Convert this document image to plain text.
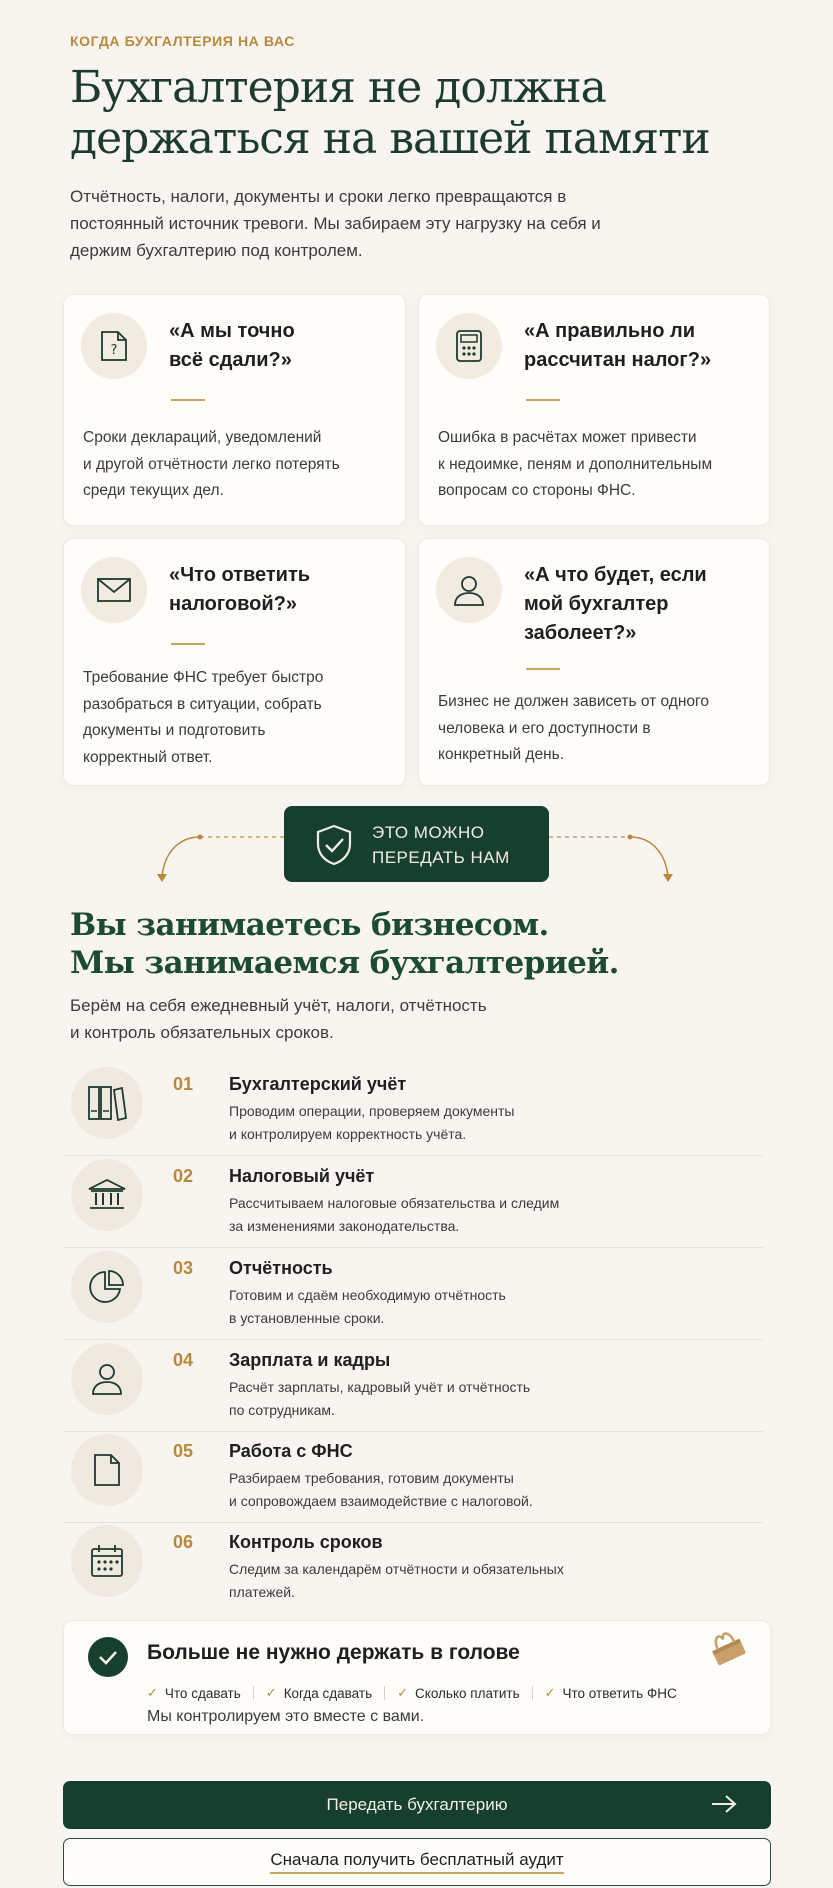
КОГДА БУХГАЛТЕРИЯ НА ВАС
Бухгалтерия не должна держаться на вашей памяти

Отчётность, налоги, документы и сроки легко превращаются в постоянный источник тревоги. Мы забираем эту нагрузку на себя и держим бухгалтерию под контролем.

?
«А мы точно
всё сдали?»
Сроки деклараций, уведомлений
и другой отчётности легко потерять
среди текущих дел.
«А правильно ли
рассчитан налог?»
Ошибка в расчётах может привести
к недоимке, пеням и дополнительным
вопросам со стороны ФНС.
«Что ответить
налоговой?»
Требование ФНС требует быстро
разобраться в ситуации, собрать
документы и подготовить
корректный ответ.
«А что будет, если
мой бухгалтер
заболеет?»
Бизнес не должен зависеть от одного
человека и его доступности в
конкретный день.
ЭТО МОЖНО
ПЕРЕДАТЬ НАМ
Вы занимаетесь бизнесом.
Мы занимаемся бухгалтерией.

Берём на себя ежедневный учёт, налоги, отчётность
и контроль обязательных сроков.

01 Бухгалтерский учёт
Проводим операции, проверяем документы
и контролируем корректность учёта.
02 Налоговый учёт
Рассчитываем налоговые обязательства и следим
за изменениями законодательства.
03 Отчётность
Готовим и сдаём необходимую отчётность
в установленные сроки.
04 Зарплата и кадры
Расчёт зарплаты, кадровый учёт и отчётность
по сотрудникам.
05 Работа с ФНС
Разбираем требования, готовим документы
и сопровождаем взаимодействие с налоговой.
06 Контроль сроков
Следим за календарём отчётности и обязательных
платежей.
Больше не нужно держать в голове
✓ Что сдавать ✓ Когда сдавать ✓ Сколько платить ✓ Что ответить ФНС
Мы контролируем это вместе с вами.
Передать бухгалтерию
Сначала получить бесплатный аудит
